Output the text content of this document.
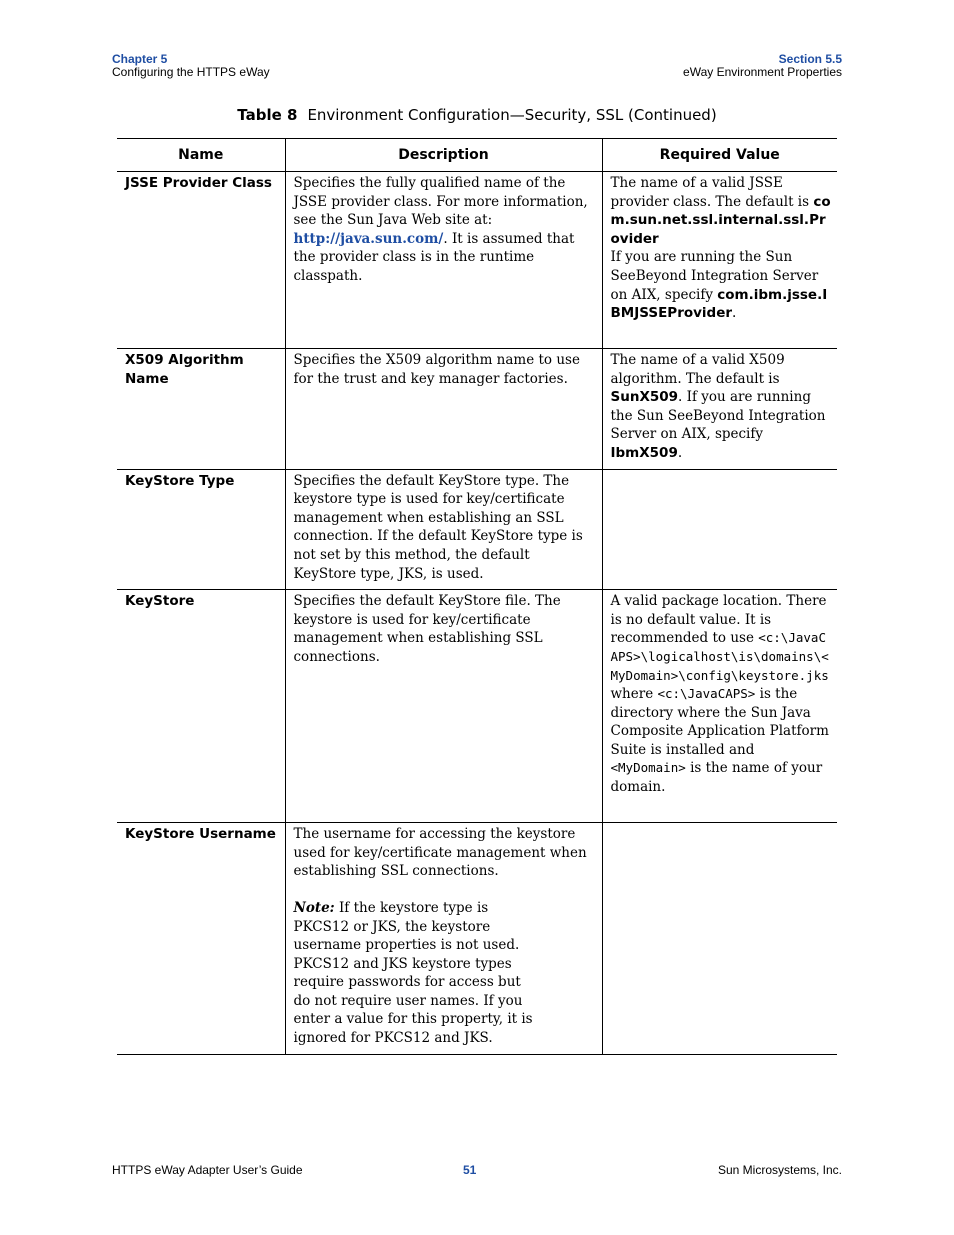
Chapter 5
Configuring the HTTPS eWay
Section 5.5
eWay Environment Properties
Table 8 Environment Configuration—Security, SSL (Continued)
Name	Description	Required Value
JSSE Provider Class	Specifies the fully qualified name of the JSSE provider class. For more information, see the Sun Java Web site at: http://java.sun.com/. It is assumed that the provider class is in the runtime classpath.	The name of a valid JSSE provider class. The default is com.sun.net.ssl.internal.ssl.Provider
If you are running the Sun SeeBeyond Integration Server on AIX, specify com.ibm.jsse.IBMJSSEProvider.
X509 Algorithm Name	Specifies the X509 algorithm name to use for the trust and key manager factories.	The name of a valid X509 algorithm. The default is SunX509. If you are running the Sun SeeBeyond Integration Server on AIX, specify IbmX509.
KeyStore Type	Specifies the default KeyStore type. The keystore type is used for key/certificate management when establishing an SSL connection. If the default KeyStore type is not set by this method, the default KeyStore type, JKS, is used.	
KeyStore	Specifies the default KeyStore file. The keystore is used for key/certificate management when establishing SSL connections.	A valid package location. There is no default value. It is recommended to use <c:\JavaCAPS>\logicalhost\is\domains\<MyDomain>\config\keystore.jks where <c:\JavaCAPS> is the directory where the Sun Java Composite Application Platform Suite is installed and <MyDomain> is the name of your domain.
KeyStore Username	The username for accessing the keystore used for key/certificate management when establishing SSL connections.
Note: If the keystore type is PKCS12 or JKS, the keystore username properties is not used. PKCS12 and JKS keystore types require passwords for access but do not require user names. If you enter a value for this property, it is ignored for PKCS12 and JKS.	

HTTPS eWay Adapter User’s Guide	51	Sun Microsystems, Inc.
